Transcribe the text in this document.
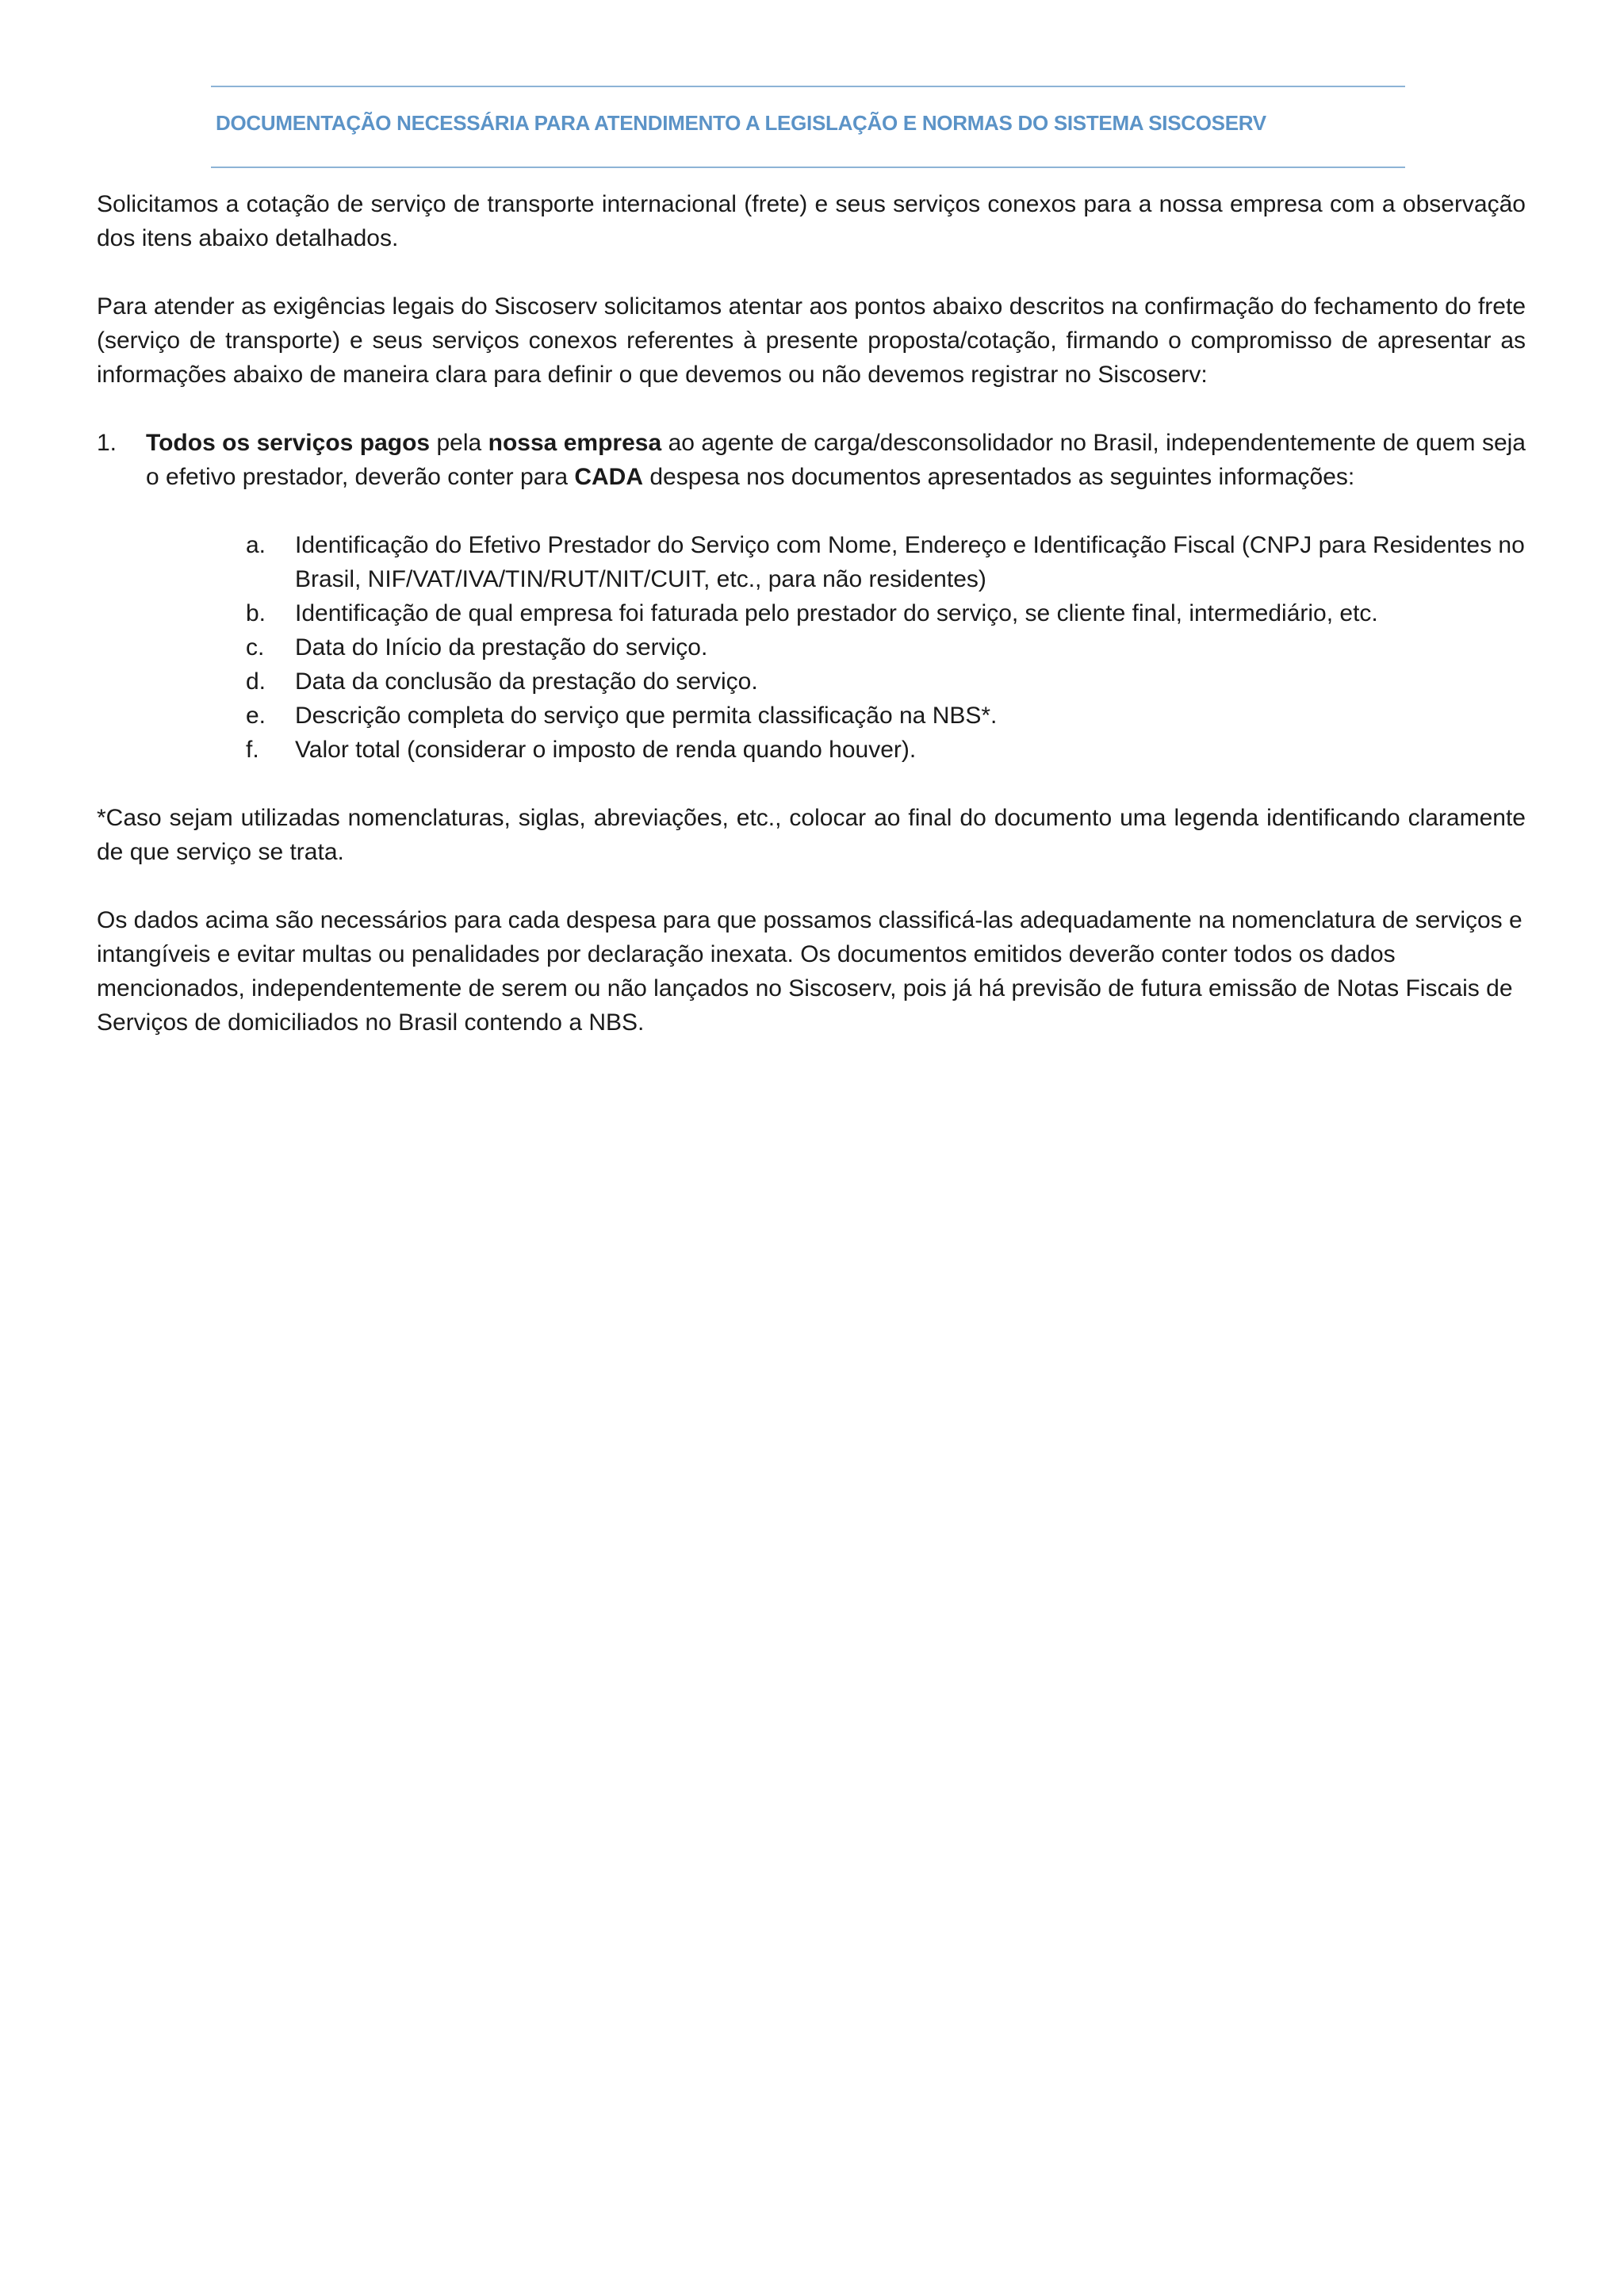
DOCUMENTAÇÃO NECESSÁRIA PARA ATENDIMENTO A LEGISLAÇÃO E NORMAS DO SISTEMA SISCOSERV

Solicitamos a cotação de serviço de transporte internacional (frete) e seus serviços conexos para a nossa empresa com a observação dos itens abaixo detalhados.

Para atender as exigências legais do Siscoserv solicitamos atentar aos pontos abaixo descritos na confirmação do fechamento do frete (serviço de transporte) e seus serviços conexos referentes à presente proposta/cotação, firmando o compromisso de apresentar as informações abaixo de maneira clara para definir o que devemos ou não devemos registrar no Siscoserv:

1.	Todos os serviços pagos pela nossa empresa ao agente de carga/desconsolidador no Brasil, independentemente de quem seja o efetivo prestador, deverão conter para CADA despesa nos documentos apresentados as seguintes informações:
a.	Identificação do Efetivo Prestador do Serviço com Nome, Endereço e Identificação Fiscal (CNPJ para Residentes no Brasil, NIF/VAT/IVA/TIN/RUT/NIT/CUIT, etc., para não residentes)
b.	Identificação de qual empresa foi faturada pelo prestador do serviço, se cliente final, intermediário, etc.
c.	Data do Início da prestação do serviço.
d.	Data da conclusão da prestação do serviço.
e.	Descrição completa do serviço que permita classificação na NBS*.
f.	Valor total (considerar o imposto de renda quando houver).

*Caso sejam utilizadas nomenclaturas, siglas, abreviações, etc., colocar ao final do documento uma legenda identificando claramente de que serviço se trata.

Os dados acima são necessários para cada despesa para que possamos classificá-las adequadamente na nomenclatura de serviços e intangíveis e evitar multas ou penalidades por declaração inexata. Os documentos emitidos deverão conter todos os dados mencionados, independentemente de serem ou não lançados no Siscoserv, pois já há previsão de futura emissão de Notas Fiscais de Serviços de domiciliados no Brasil contendo a NBS.
